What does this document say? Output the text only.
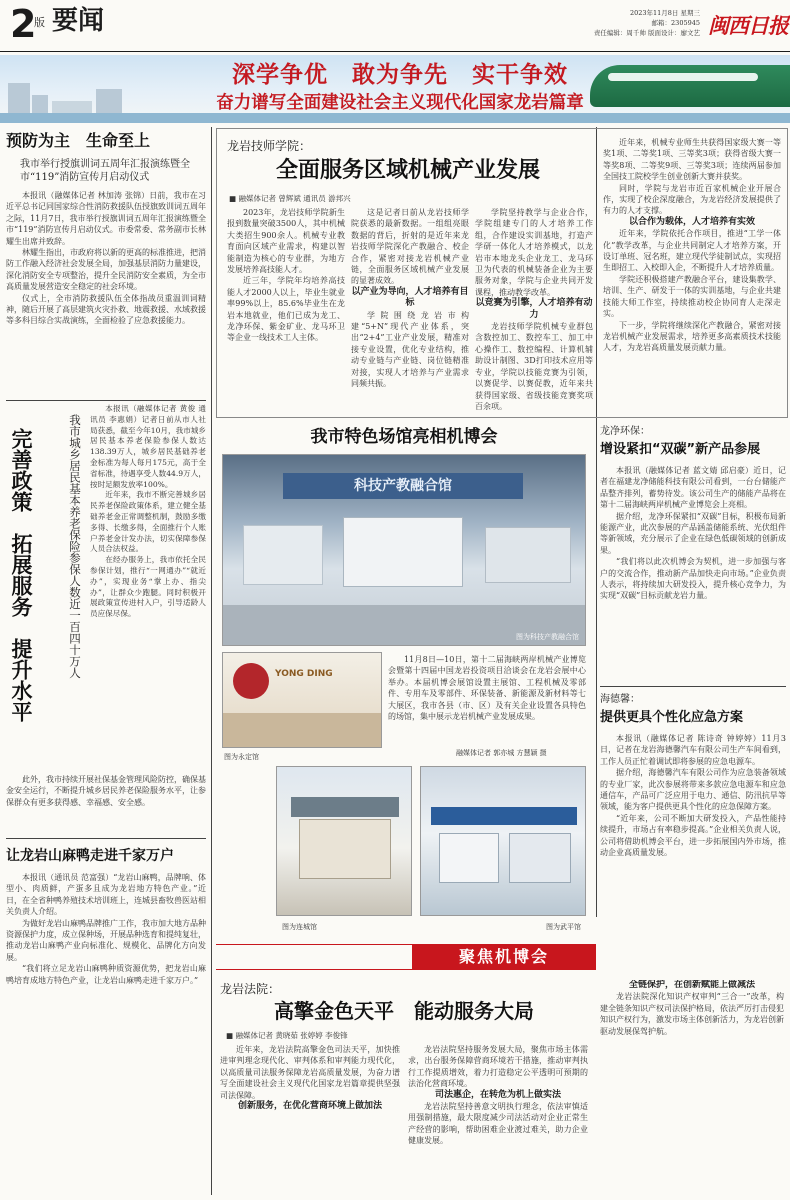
2
版 要闻	2023年11月8日 星期三
邮箱：2305945
责任编辑：周千帅 版面设计：廖文艺 闽西日报
深学争优　敢为争先　实干争效
奋力谱写全面建设社会主义现代化国家龙岩篇章
预防为主　生命至上
我市举行授旗训词五周年汇报演练暨全市“119”消防宣传月启动仪式

本报讯（融媒体记者 林加涛 张锦）日前，我市在习近平总书记同国家综合性消防救援队伍授旗致训词五周年之际，11月7日，我市举行授旗训词五周年汇报演练暨全市“119”消防宣传月启动仪式。市委常委、常务副市长林耀生出席并致辞。

林耀生指出，市政府将以新的更高的标准推进，把消防工作融入经济社会发展全局，加强基层消防力量建设，深化消防安全专项整治，提升全民消防安全素质，为全市高质量发展营造安全稳定的社会环境。

仪式上，全市消防救援队伍全体指战员重温训词精神，随后开展了高层建筑火灾扑救、地震救援、水域救援等多科目综合实战演练，全面检验了应急救援能力。

完善政策　拓展服务　提升水平	我市城乡居民基本养老保险参保人数近一百四十万人

本报讯（融媒体记者 黄俊 通讯员 李惠娟）记者日前从市人社局获悉，截至今年10月，我市城乡居民基本养老保险参保人数达138.39万人，城乡居民基础养老金标准为每人每月175元，高于全省标准，待遇享受人数44.9万人，按时足额发放率100%。

近年来，我市不断完善城乡居民养老保险政策体系，建立健全基础养老金正常调整机制，鼓励多缴多得、长缴多得，全面推行个人账户养老金计发办法，切实保障参保人员合法权益。

在经办服务上，我市依托全民参保计划，推行“一网通办”“就近办”，实现业务“掌上办、指尖办”，让群众少跑腿。同时积极开展政策宣传进村入户，引导适龄人员应保尽保。

此外，我市持续开展社保基金管理风险防控，确保基金安全运行，不断提升城乡居民养老保险服务水平，让参保群众有更多获得感、幸福感、安全感。

让龙岩山麻鸭走进千家万户

本报讯（通讯员 范富强）“龙岩山麻鸭，品牌响、体型小、肉质鲜，产蛋多且成为龙岩地方特色产业。”近日，在全省种鸭养殖技术培训班上，连城县畜牧兽医站相关负责人介绍。

为做好龙岩山麻鸭品牌推广工作，我市加大地方品种资源保护力度，成立保种场，开展品种选育和提纯复壮，推动龙岩山麻鸭产业向标准化、规模化、品牌化方向发展。

“我们将立足龙岩山麻鸭种质资源优势，把龙岩山麻鸭培育成地方特色产业，让龙岩山麻鸭走进千家万户。”

龙岩技师学院：
全面服务区域机械产业发展
■ 融媒体记者 曾辉斌 通讯员 游邦兴

2023年，龙岩技师学院新生报到数量突破3500人，其中机械大类招生900余人。机械专业教育面向区域产业需求，构建以智能制造为核心的专业群，为地方发展培养高技能人才。

近三年，学院年均培养高技能人才2000人以上，毕业生就业率99%以上，85.6%毕业生在龙岩本地就业，他们已成为龙工、龙净环保、紫金矿业、龙马环卫等企业一线技术工人主体。

这是记者日前从龙岩技师学院获悉的最新数据。一组组亮眼数据的背后，折射的是近年来龙岩技师学院深化产教融合、校企合作，紧密对接龙岩机械产业链，全面服务区域机械产业发展的显著成效。

以产业为导向，人才培养有目标

学院围绕龙岩市构建“5+N”现代产业体系，突出“2+4”工业产业发展，精准对接专业设置，优化专业结构，推动专业链与产业链、岗位链精准对接，实现人才培养与产业需求同频共振。

学院坚持教学与企业合作，学院组建专门的人才培养工作组，合作建设实训基地，打造产学研一体化人才培养模式，以龙岩市本地龙头企业龙工、龙马环卫为代表的机械装备企业为主要服务对象，学院与企业共同开发课程，推动教学改革。

以竞赛为引擎，人才培养有动力

龙岩技师学院机械专业群包含数控加工、数控车工、加工中心操作工、数控编程、计算机辅助设计制图、3D打印技术应用等专业，学院以技能竞赛为引领，以赛促学、以赛促教，近年来共获得国家级、省级技能竞赛奖项百余项。

近年来，机械专业师生共获得国家级大赛一等奖1项、二等奖1项、三等奖3项；获得省级大赛一等奖8项、二等奖9项、三等奖3项；连续两届参加全国技工院校学生创业创新大赛并获奖。

同时，学院与龙岩市近百家机械企业开展合作，实现了校企深度融合，为龙岩经济发展提供了有力的人才支撑。

以合作为载体，人才培养有实效

近年来，学院依托合作项目，推进“工学一体化”教学改革，与企业共同制定人才培养方案，开设订单班、冠名班，建立现代学徒制试点，实现招生即招工、入校即入企，不断提升人才培养质量。

学院还积极搭建产教融合平台，建设集教学、培训、生产、研发于一体的实训基地，与企业共建技能大师工作室，持续推动校企协同育人走深走实。

下一步，学院将继续深化产教融合，紧密对接龙岩机械产业发展需求，培养更多高素质技术技能人才，为龙岩高质量发展贡献力量。

我市特色场馆亮相机博会
科技产教融合馆
图为科技产教融合馆
YONG DING
图为永定馆

11月8日—10日，第十二届海峡两岸机械产业博览会暨第十四届中国龙岩投资项目洽谈会在龙岩会展中心举办。本届机博会展馆设置主展馆、工程机械及零部件、专用车及零部件、环保装备、新能源及新材料等七大展区，我市各县（市、区）及有关企业设置各具特色的场馆，集中展示龙岩机械产业发展成果。

融媒体记者 郭亦城 方慧颖 摄
图为连城馆	图为武平馆
聚焦机博会
龙净环保：
增设紧扣“双碳”新产品参展

本报讯（融媒体记者 蓝文婧 邱启豪）近日，记者在福建龙净储能科技有限公司看到，一台台储能产品整齐排列，蓄势待发。该公司生产的储能产品将在第十二届海峡两岸机械产业博览会上亮相。

据介绍，龙净环保紧扣“双碳”目标，积极布局新能源产业，此次参展的产品涵盖储能系统、光伏组件等新领域，充分展示了企业在绿色低碳领域的创新成果。

“我们将以此次机博会为契机，进一步加强与客户的交流合作，推动新产品加快走向市场。”企业负责人表示，将持续加大研发投入，提升核心竞争力，为实现“双碳”目标贡献龙岩力量。

海德馨：
提供更具个性化应急方案

本报讯（融媒体记者 陈诗奇 钟婷婷）11月3日，记者在龙岩海德馨汽车有限公司生产车间看到，工作人员正忙着调试即将参展的应急电源车。

据介绍，海德馨汽车有限公司作为应急装备领域的专业厂家，此次参展将带来多款应急电源车和应急通信车，产品可广泛应用于电力、通信、防汛抗旱等领域，能为客户提供更具个性化的应急保障方案。

“近年来，公司不断加大研发投入，产品性能持续提升，市场占有率稳步提高。”企业相关负责人说，公司将借助机博会平台，进一步拓展国内外市场，推动企业高质量发展。

龙岩法院：
高擎金色天平　能动服务大局
■ 融媒体记者 黄晓茹 张婷婷 李俊锋

近年来，龙岩法院高擎金色司法天平，加快推进审判理念现代化、审判体系和审判能力现代化，以高质量司法服务保障龙岩高质量发展，为奋力谱写全面建设社会主义现代化国家龙岩篇章提供坚强司法保障。

创新服务，在优化营商环境上做加法

龙岩法院坚持服务发展大局，聚焦市场主体需求，出台服务保障营商环境若干措施，推动审判执行工作提质增效，着力打造稳定公平透明可预期的法治化营商环境。

司法惠企，在转危为机上做实法

龙岩法院坚持善意文明执行理念，依法审慎适用强制措施，最大限度减少司法活动对企业正常生产经营的影响，帮助困难企业渡过难关，助力企业健康发展。

全链保护，在创新赋能上做减法

龙岩法院深化知识产权审判“三合一”改革，构建全链条知识产权司法保护格局，依法严厉打击侵犯知识产权行为，激发市场主体创新活力，为龙岩创新驱动发展保驾护航。
